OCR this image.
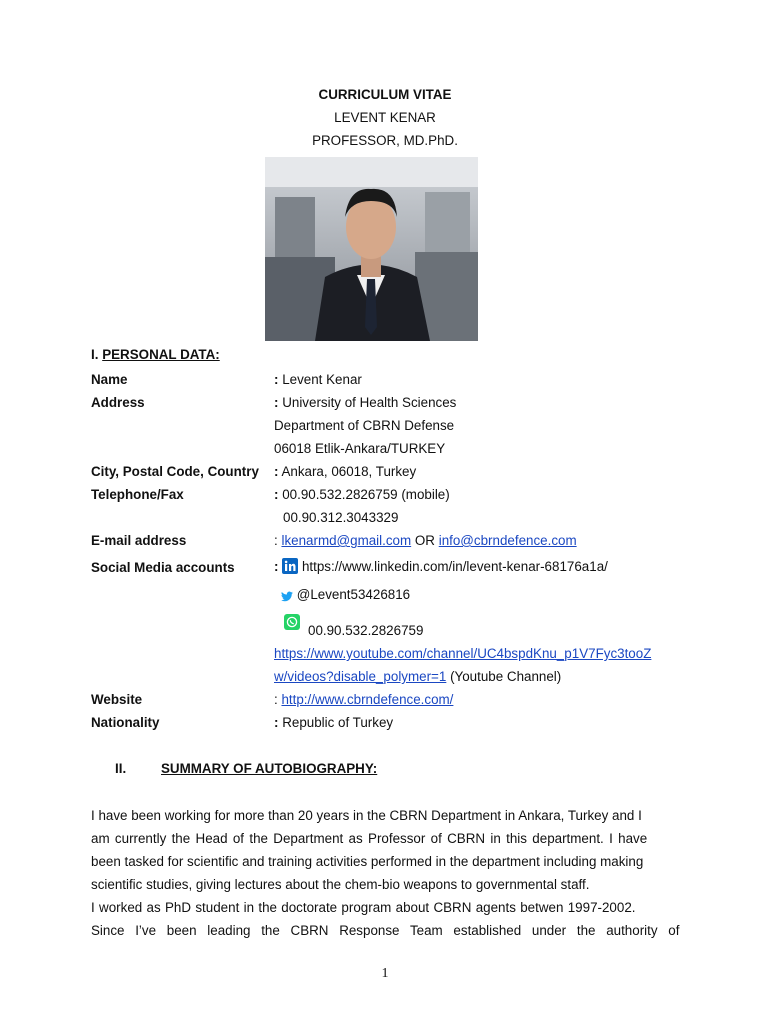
CURRICULUM VITAE
LEVENT KENAR
PROFESSOR, MD.PhD.
I. PERSONAL DATA:
Name	: Levent Kenar
Address	: University of Health Sciences
Department of CBRN Defense
06018 Etlik-Ankara/TURKEY
City, Postal Code, Country : Ankara, 06018, Turkey
Telephone/Fax	: 00.90.532.2826759 (mobile)
00.90.312.3043329
E-mail address	: lkenarmd@gmail.com OR info@cbrndefence.com
Social Media accounts	: https://www.linkedin.com/in/levent-kenar-68176a1a/
@Levent53426816
00.90.532.2826759
https://www.youtube.com/channel/UC4bspdKnu_p1V7Fyc3tooZ
w/videos?disable_polymer=1 (Youtube Channel)
Website	: http://www.cbrndefence.com/
Nationality	: Republic of Turkey
II.	SUMMARY OF AUTOBIOGRAPHY:
I have been working for more than 20 years in the CBRN Department in Ankara, Turkey and I
am currently the Head of the Department as Professor of CBRN in this department. I have
been tasked for scientific and training activities performed in the department including making
scientific studies, giving lectures about the chem-bio weapons to governmental staff.
I worked as PhD student in the doctorate program about CBRN agents betwen 1997-2002.
Since I’ve been leading the CBRN Response Team established under the authority of
1
